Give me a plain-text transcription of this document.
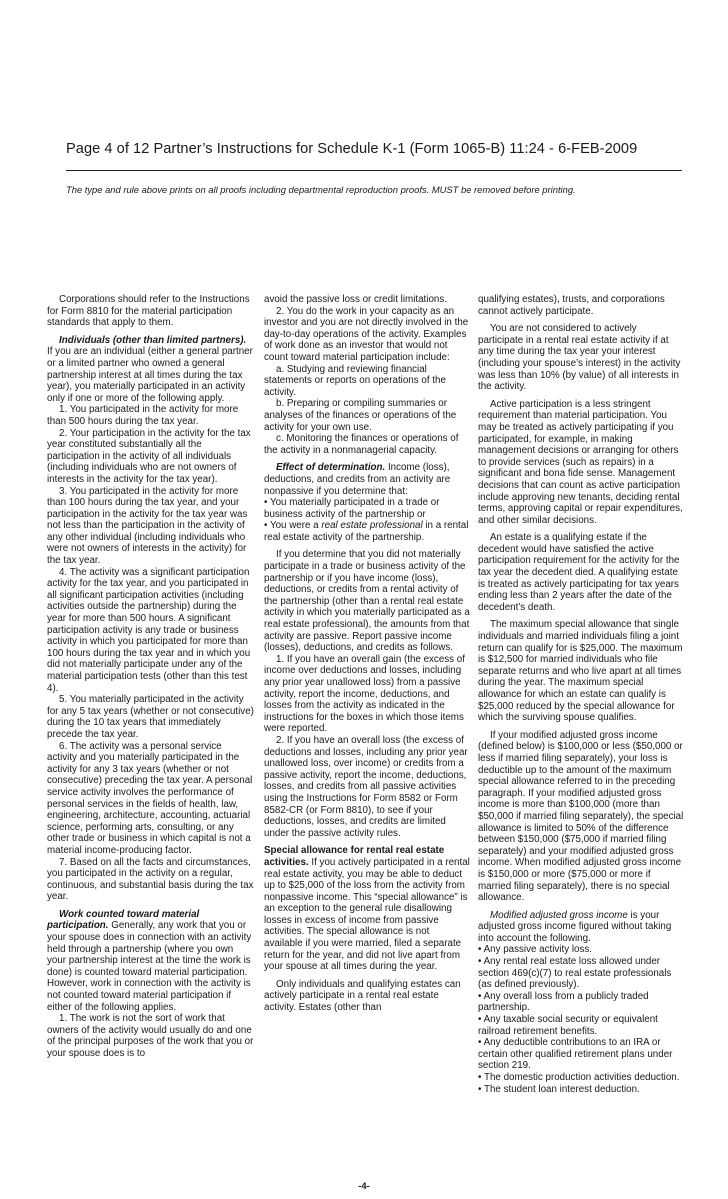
Page 4 of 12 Partner’s Instructions for Schedule K-1 (Form 1065-B) 11:24 - 6-FEB-2009
The type and rule above prints on all proofs including departmental reproduction proofs. MUST be removed before printing.

Corporations should refer to the Instructions for Form 8810 for the material participation standards that apply to them.

Individuals (other than limited partners). If you are an individual (either a general partner or a limited partner who owned a general partnership interest at all times during the tax year), you materially participated in an activity only if one or more of the following apply.

1. You participated in the activity for more than 500 hours during the tax year.

2. Your participation in the activity for the tax year constituted substantially all the participation in the activity of all individuals (including individuals who are not owners of interests in the activity for the tax year).

3. You participated in the activity for more than 100 hours during the tax year, and your participation in the activity for the tax year was not less than the participation in the activity of any other individual (including individuals who were not owners of interests in the activity) for the tax year.

4. The activity was a significant participation activity for the tax year, and you participated in all significant participation activities (including activities outside the partnership) during the year for more than 500 hours. A significant participation activity is any trade or business activity in which you participated for more than 100 hours during the tax year and in which you did not materially participate under any of the material participation tests (other than this test 4).

5. You materially participated in the activity for any 5 tax years (whether or not consecutive) during the 10 tax years that immediately precede the tax year.

6. The activity was a personal service activity and you materially participated in the activity for any 3 tax years (whether or not consecutive) preceding the tax year. A personal service activity involves the performance of personal services in the fields of health, law, engineering, architecture, accounting, actuarial science, performing arts, consulting, or any other trade or business in which capital is not a material income-producing factor.

7. Based on all the facts and circumstances, you participated in the activity on a regular, continuous, and substantial basis during the tax year.

Work counted toward material participation. Generally, any work that you or your spouse does in connection with an activity held through a partnership (where you own your partnership interest at the time the work is done) is counted toward material participation. However, work in connection with the activity is not counted toward material participation if either of the following applies.

1. The work is not the sort of work that owners of the activity would usually do and one of the principal purposes of the work that you or your spouse does is to

avoid the passive loss or credit limitations.

2. You do the work in your capacity as an investor and you are not directly involved in the day-to-day operations of the activity. Examples of work done as an investor that would not count toward material participation include:

a. Studying and reviewing financial statements or reports on operations of the activity.

b. Preparing or compiling summaries or analyses of the finances or operations of the activity for your own use.

c. Monitoring the finances or operations of the activity in a nonmanagerial capacity.

Effect of determination. Income (loss), deductions, and credits from an activity are nonpassive if you determine that:

• You materially participated in a trade or business activity of the partnership or

• You were a real estate professional in a rental real estate activity of the partnership.

If you determine that you did not materially participate in a trade or business activity of the partnership or if you have income (loss), deductions, or credits from a rental activity of the partnership (other than a rental real estate activity in which you materially participated as a real estate professional), the amounts from that activity are passive. Report passive income (losses), deductions, and credits as follows.

1. If you have an overall gain (the excess of income over deductions and losses, including any prior year unallowed loss) from a passive activity, report the income, deductions, and losses from the activity as indicated in the instructions for the boxes in which those items were reported.

2. If you have an overall loss (the excess of deductions and losses, including any prior year unallowed loss, over income) or credits from a passive activity, report the income, deductions, losses, and credits from all passive activities using the Instructions for Form 8582 or Form 8582-CR (or Form 8810), to see if your deductions, losses, and credits are limited under the passive activity rules.

Special allowance for rental real estate activities. If you actively participated in a rental real estate activity, you may be able to deduct up to $25,000 of the loss from the activity from nonpassive income. This “special allowance” is an exception to the general rule disallowing losses in excess of income from passive activities. The special allowance is not available if you were married, filed a separate return for the year, and did not live apart from your spouse at all times during the year.

Only individuals and qualifying estates can actively participate in a rental real estate activity. Estates (other than

qualifying estates), trusts, and corporations cannot actively participate.

You are not considered to actively participate in a rental real estate activity if at any time during the tax year your interest (including your spouse’s interest) in the activity was less than 10% (by value) of all interests in the activity.

Active participation is a less stringent requirement than material participation. You may be treated as actively participating if you participated, for example, in making management decisions or arranging for others to provide services (such as repairs) in a significant and bona fide sense. Management decisions that can count as active participation include approving new tenants, deciding rental terms, approving capital or repair expenditures, and other similar decisions.

An estate is a qualifying estate if the decedent would have satisfied the active participation requirement for the activity for the tax year the decedent died. A qualifying estate is treated as actively participating for tax years ending less than 2 years after the date of the decedent’s death.

The maximum special allowance that single individuals and married individuals filing a joint return can qualify for is $25,000. The maximum is $12,500 for married individuals who file separate returns and who live apart at all times during the year. The maximum special allowance for which an estate can qualify is $25,000 reduced by the special allowance for which the surviving spouse qualifies.

If your modified adjusted gross income (defined below) is $100,000 or less ($50,000 or less if married filing separately), your loss is deductible up to the amount of the maximum special allowance referred to in the preceding paragraph. If your modified adjusted gross income is more than $100,000 (more than $50,000 if married filing separately), the special allowance is limited to 50% of the difference between $150,000 ($75,000 if married filing separately) and your modified adjusted gross income. When modified adjusted gross income is $150,000 or more ($75,000 or more if married filing separately), there is no special allowance.

Modified adjusted gross income is your adjusted gross income figured without taking into account the following.

• Any passive activity loss.

• Any rental real estate loss allowed under section 469(c)(7) to real estate professionals (as defined previously).

• Any overall loss from a publicly traded partnership.

• Any taxable social security or equivalent railroad retirement benefits.

• Any deductible contributions to an IRA or certain other qualified retirement plans under section 219.

• The domestic production activities deduction.

• The student loan interest deduction.

-4-
